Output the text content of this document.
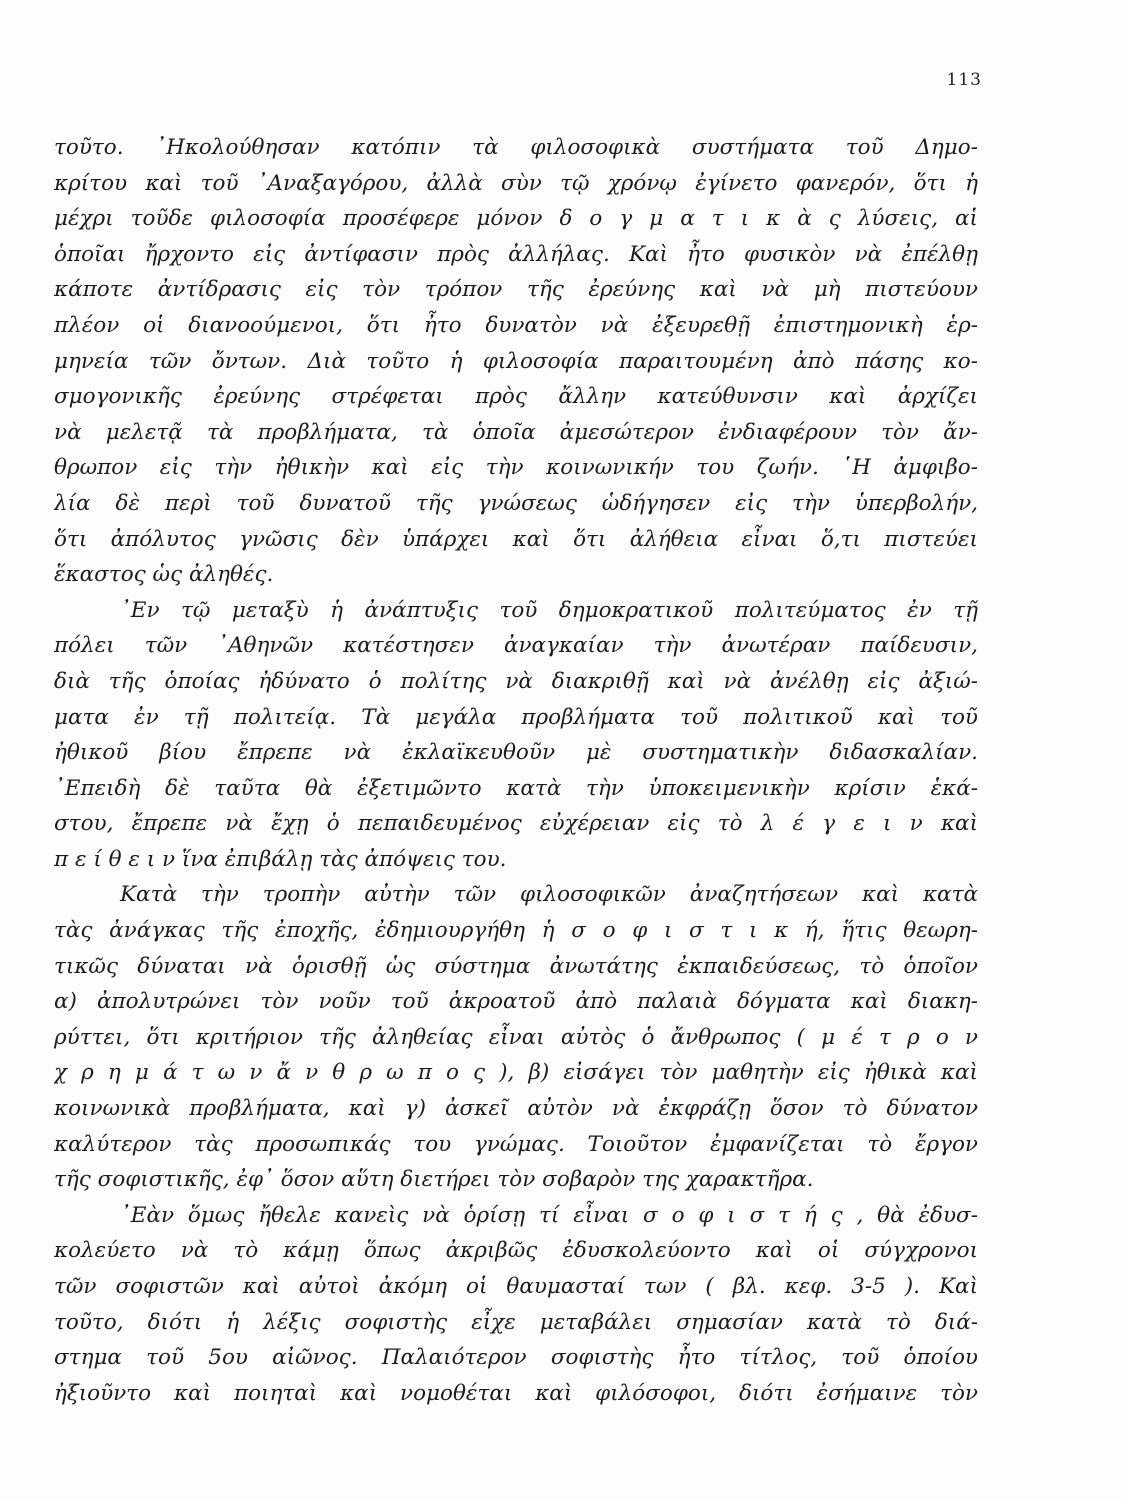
113
τοῦτο. ᾿Ηκολούθησαν κατόπιν τὰ φιλοσοφικὰ συστήματα τοῦ Δημο-
κρίτου καὶ τοῦ ᾿Αναξαγόρου, ἀλλὰ σὺν τῷ χρόνῳ ἐγίνετο φανερόν, ὅτι ἡ
μέχρι τοῦδε φιλοσοφία προσέφερε μόνον δ ο γ μ α τ ι κ ὰ ς λύσεις, αἱ
ὁποῖαι ἤρχοντο εἰς ἀντίφασιν πρὸς ἀλλήλας. Καὶ ἦτο φυσικὸν νὰ ἐπέλθῃ
κάποτε ἀντίδρασις εἰς τὸν τρόπον τῆς ἐρεύνης καὶ νὰ μὴ πιστεύουν
πλέον οἱ διανοούμενοι, ὅτι ἦτο δυνατὸν νὰ ἐξευρεθῇ ἐπιστημονικὴ ἑρ-
μηνεία τῶν ὄντων. Διὰ τοῦτο ἡ φιλοσοφία παραιτουμένη ἀπὸ πάσης κο-
σμογονικῆς ἐρεύνης στρέφεται πρὸς ἄλλην κατεύθυνσιν καὶ ἀρχίζει
νὰ μελετᾷ τὰ προβλήματα, τὰ ὁποῖα ἀμεσώτερον ἐνδιαφέρουν τὸν ἄν-
θρωπον εἰς τὴν ἠθικὴν καὶ εἰς τὴν κοινωνικήν του ζωήν. ῾Η ἀμφιβο-
λία δὲ περὶ τοῦ δυνατοῦ τῆς γνώσεως ὡδήγησεν εἰς τὴν ὑπερβολήν,
ὅτι ἀπόλυτος γνῶσις δὲν ὑπάρχει καὶ ὅτι ἀλήθεια εἶναι ὅ,τι πιστεύει
ἕκαστος ὡς ἀληθές.
᾿Εν τῷ μεταξὺ ἡ ἀνάπτυξις τοῦ δημοκρατικοῦ πολιτεύματος ἐν τῇ
πόλει τῶν ᾿Αθηνῶν κατέστησεν ἀναγκαίαν τὴν ἀνωτέραν παίδευσιν,
διὰ τῆς ὁποίας ἠδύνατο ὁ πολίτης νὰ διακριθῇ καὶ νὰ ἀνέλθῃ εἰς ἀξιώ-
ματα ἐν τῇ πολιτείᾳ. Τὰ μεγάλα προβλήματα τοῦ πολιτικοῦ καὶ τοῦ
ἠθικοῦ βίου ἔπρεπε νὰ ἐκλαϊκευθοῦν μὲ συστηματικὴν διδασκαλίαν.
᾿Επειδὴ δὲ ταῦτα θὰ ἐξετιμῶντο κατὰ τὴν ὑποκειμενικὴν κρίσιν ἑκά-
στου, ἔπρεπε νὰ ἔχῃ ὁ πεπαιδευμένος εὐχέρειαν εἰς τὸ λ έ γ ε ι ν καὶ
π ε ί θ ε ι ν ἵνα ἐπιβάλῃ τὰς ἀπόψεις του.
Κατὰ τὴν τροπὴν αὐτὴν τῶν φιλοσοφικῶν ἀναζητήσεων καὶ κατὰ
τὰς ἀνάγκας τῆς ἐποχῆς, ἐδημιουργήθη ἡ σ ο φ ι σ τ ι κ ή, ἥτις θεωρη-
τικῶς δύναται νὰ ὁρισθῇ ὡς σύστημα ἀνωτάτης ἐκπαιδεύσεως, τὸ ὁποῖον
α) ἀπολυτρώνει τὸν νοῦν τοῦ ἀκροατοῦ ἀπὸ παλαιὰ δόγματα καὶ διακη-
ρύττει, ὅτι κριτήριον τῆς ἀληθείας εἶναι αὐτὸς ὁ ἄνθρωπος ( μ έ τ ρ ο ν
χ ρ η μ ά τ ω ν ἄ ν θ ρ ω π ο ς ), β) εἰσάγει τὸν μαθητὴν εἰς ἠθικὰ καὶ
κοινωνικὰ προβλήματα, καὶ γ) ἀσκεῖ αὐτὸν νὰ ἐκφράζῃ ὅσον τὸ δύνατον
καλύτερον τὰς προσωπικάς του γνώμας. Τοιοῦτον ἐμφανίζεται τὸ ἔργον
τῆς σοφιστικῆς, ἐφ᾿ ὅσον αὕτη διετήρει τὸν σοβαρὸν της χαρακτῆρα.
᾿Εὰν ὅμως ἤθελε κανεὶς νὰ ὁρίσῃ τί εἶναι σ ο φ ι σ τ ή ς , θὰ ἐδυσ-
κολεύετο νὰ τὸ κάμῃ ὅπως ἀκριβῶς ἐδυσκολεύοντο καὶ οἱ σύγχρονοι
τῶν σοφιστῶν καὶ αὐτοὶ ἀκόμη οἱ θαυμασταί των ( βλ. κεφ. 3-5 ). Καὶ
τοῦτο, διότι ἡ λέξις σοφιστὴς εἶχε μεταβάλει σημασίαν κατὰ τὸ διά-
στημα τοῦ 5ου αἰῶνος. Παλαιότερον σοφιστὴς ἦτο τίτλος, τοῦ ὁποίου
ἠξιοῦντο καὶ ποιηταὶ καὶ νομοθέται καὶ φιλόσοφοι, διότι ἐσήμαινε τὸν
